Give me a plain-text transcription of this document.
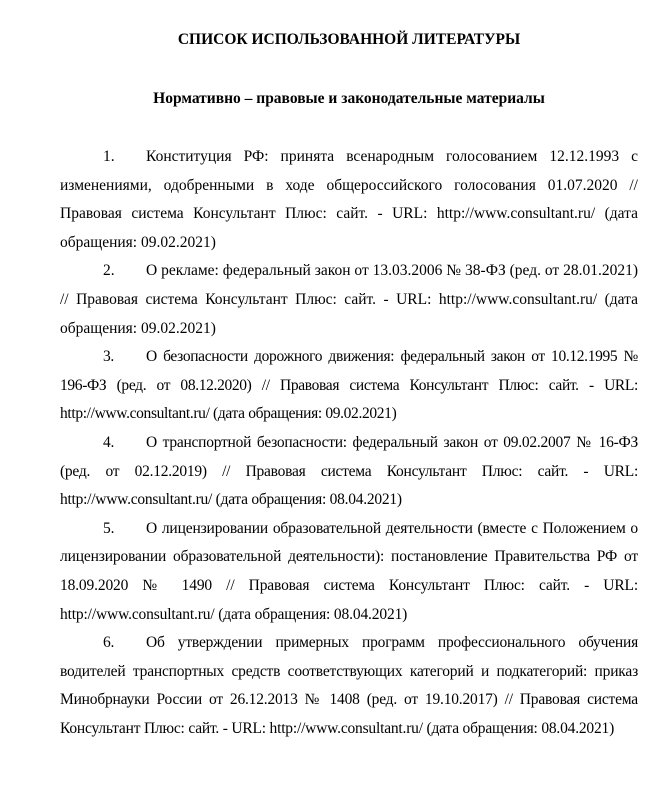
СПИСОК ИСПОЛЬЗОВАННОЙ ЛИТЕРАТУРЫ
Нормативно – правовые и законодательные материалы
1. Конституция РФ: принята всенародным голосованием 12.12.1993 с изменениями, одобренными в ходе общероссийского голосования 01.07.2020 // Правовая система Консультант Плюс: сайт. - URL: http://www.consultant.ru/ (дата обращения: 09.02.2021)
2. О рекламе: федеральный закон от 13.03.2006 № 38-ФЗ (ред. от 28.01.2021) // Правовая система Консультант Плюс: сайт. - URL: http://www.consultant.ru/ (дата обращения: 09.02.2021)
3. О безопасности дорожного движения: федеральный закон от 10.12.1995 № 196-ФЗ (ред. от 08.12.2020) // Правовая система Консультант Плюс: сайт. - URL: http://www.consultant.ru/ (дата обращения: 09.02.2021)
4. О транспортной безопасности: федеральный закон от 09.02.2007 № 16-ФЗ (ред. от 02.12.2019) // Правовая система Консультант Плюс: сайт. - URL: http://www.consultant.ru/ (дата обращения: 08.04.2021)
5. О лицензировании образовательной деятельности (вместе с Положением о лицензировании образовательной деятельности): постановление Правительства РФ от 18.09.2020 № 1490 // Правовая система Консультант Плюс: сайт. - URL: http://www.consultant.ru/ (дата обращения: 08.04.2021)
6. Об утверждении примерных программ профессионального обучения водителей транспортных средств соответствующих категорий и подкатегорий: приказ Минобрнауки России от 26.12.2013 № 1408 (ред. от 19.10.2017) // Правовая система Консультант Плюс: сайт. - URL: http://www.consultant.ru/ (дата обращения: 08.04.2021)
